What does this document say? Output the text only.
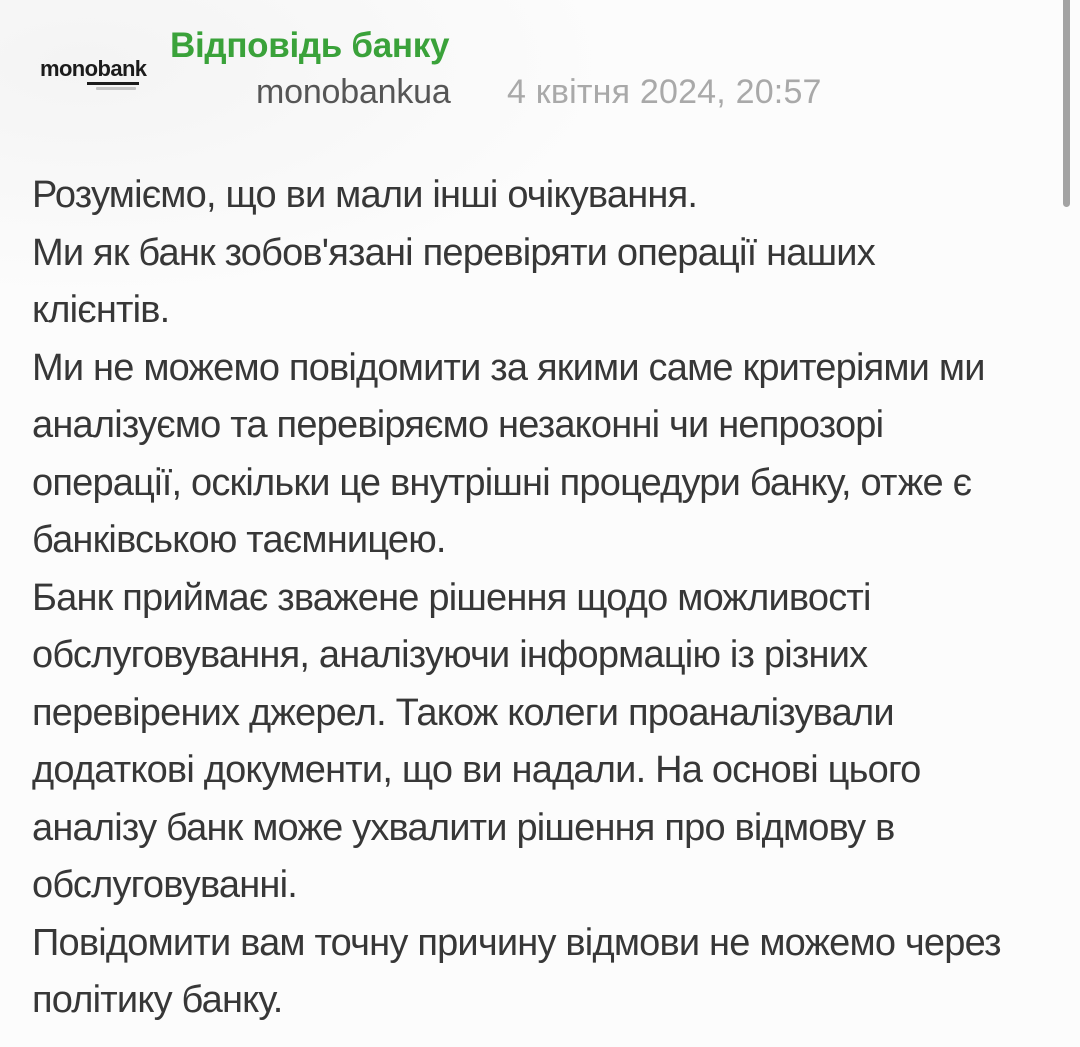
monobank
Відповідь банку
monobankua 4 квітня 2024, 20:57
Розуміємо, що ви мали інші очікування.
Ми як банк зобов'язані перевіряти операції наших
клієнтів.
Ми не можемо повідомити за якими саме критеріями ми
аналізуємо та перевіряємо незаконні чи непрозорі
операції, оскільки це внутрішні процедури банку, отже є
банківською таємницею.
Банк приймає зважене рішення щодо можливості
обслуговування, аналізуючи інформацію із різних
перевірених джерел. Також колеги проаналізували
додаткові документи, що ви надали. На основі цього
аналізу банк може ухвалити рішення про відмову в
обслуговуванні.
Повідомити вам точну причину відмови не можемо через
політику банку.
